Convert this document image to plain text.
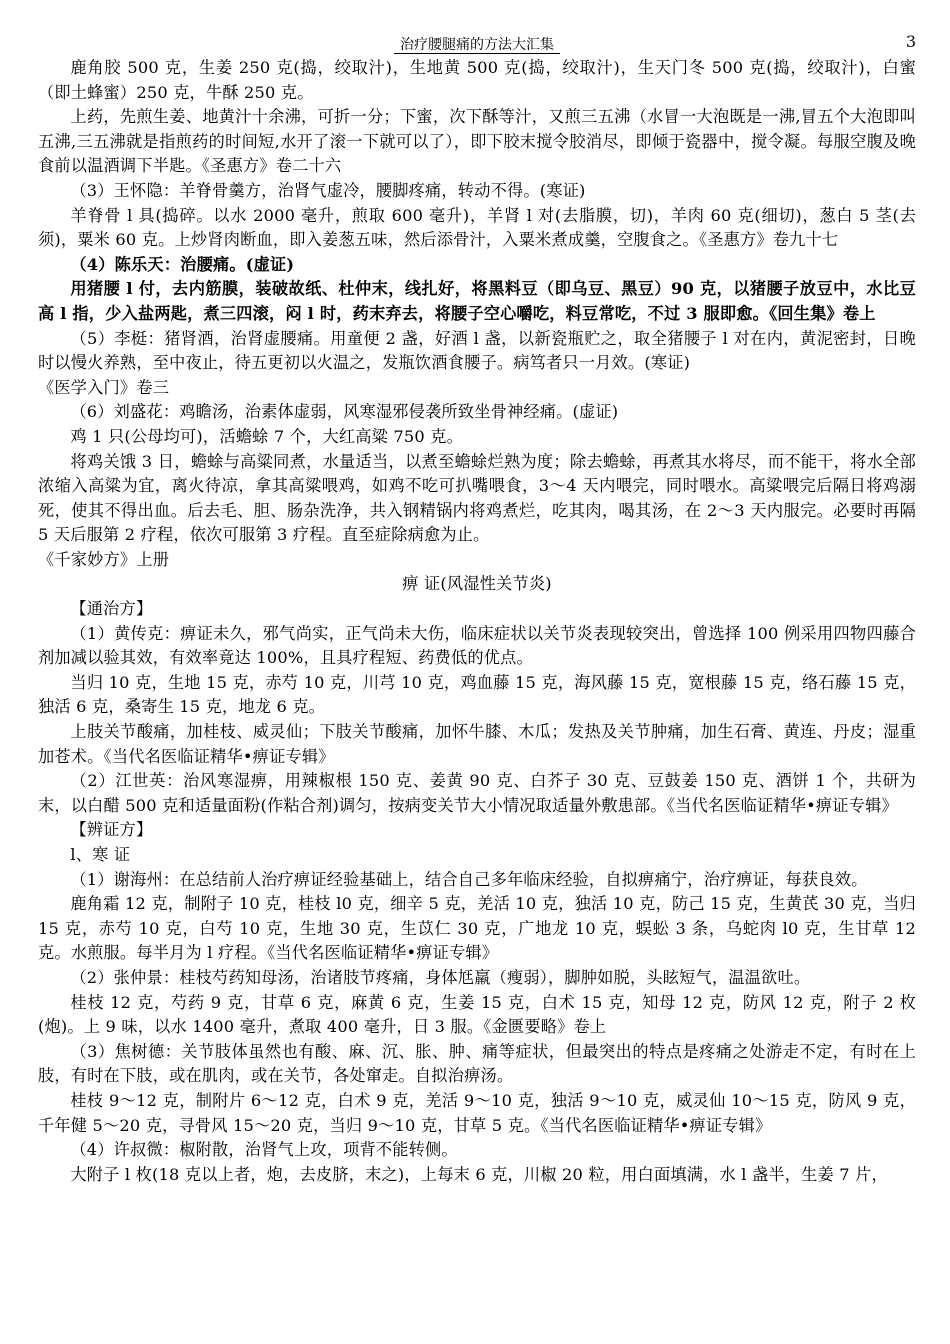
治疗腰腿痛的方法大汇集	3

鹿角胶 500 克，生姜 250 克(捣，绞取汁)，生地黄 500 克(捣，绞取汁)，生天门冬 500 克(捣，绞取汁)，白蜜（即土蜂蜜）250 克，牛酥 250 克。

上药，先煎生姜、地黄汁十余沸，可折一分；下蜜，次下酥等汁，又煎三五沸（水冒一大泡既是一沸,冒五个大泡即叫五沸,三五沸就是指煎药的时间短,水开了滚一下就可以了），即下胶末搅令胶消尽，即倾于瓷器中，搅令凝。每服空腹及晚食前以温酒调下半匙。《圣惠方》卷二十六

（3）王怀隐：羊脊骨羹方，治肾气虚冷，腰脚疼痛，转动不得。(寒证)

羊脊骨 l 具(捣碎。以水 2000 毫升，煎取 600 毫升)，羊肾 l 对(去脂膜，切)，羊肉 60 克(细切)，葱白 5 茎(去须)，粟米 60 克。上炒肾肉断血，即入姜葱五味，然后添骨汁，入粟米煮成羹，空腹食之。《圣惠方》卷九十七

（4）陈乐天：治腰痛。(虚证)

用猪腰 l 付，去内筋膜，装破故纸、杜仲末，线扎好，将黑料豆（即乌豆、黑豆）90 克，以猪腰子放豆中，水比豆高 l 指，少入盐两匙，煮三四滚，闷 l 时，药末弃去，将腰子空心嚼吃，料豆常吃，不过 3 服即愈。《回生集》卷上

（5）李梃：猪肾酒，治肾虚腰痛。用童便 2 盏，好酒 l 盏，以新瓷瓶贮之，取全猪腰子 l 对在内，黄泥密封，日晚时以慢火养熟，至中夜止，待五更初以火温之，发瓶饮酒食腰子。病笃者只一月效。(寒证)

《医学入门》卷三

（6）刘盛花：鸡瞻汤，治素体虚弱，风寒湿邪侵袭所致坐骨神经痛。(虚证)

鸡 1 只(公母均可)，活蟾蜍 7 个，大红高粱 750 克。

将鸡关饿 3 日，蟾蜍与高粱同煮，水量适当，以煮至蟾蜍烂熟为度；除去蟾蜍，再煮其水将尽，而不能干，将水全部浓缩入高粱为宜，离火待凉，拿其高粱喂鸡，如鸡不吃可扒嘴喂食，3～4 天内喂完，同时喂水。高粱喂完后隔日将鸡溺死，使其不得出血。后去毛、胆、肠杂洗净，共入钢精锅内将鸡煮烂，吃其肉，喝其汤，在 2～3 天内服完。必要时再隔 5 天后服第 2 疗程，依次可服第 3 疗程。直至症除病愈为止。

《千家妙方》上册

痹 证(风湿性关节炎)

【通治方】

（1）黄传克：痹证未久，邪气尚实，正气尚未大伤，临床症状以关节炎表现较突出，曾选择 100 例采用四物四藤合剂加减以验其效，有效率竟达 100%，且具疗程短、药费低的优点。

当归 10 克，生地 15 克，赤芍 10 克，川芎 10 克，鸡血藤 15 克，海风藤 15 克，宽根藤 15 克，络石藤 15 克，独活 6 克，桑寄生 15 克，地龙 6 克。

上肢关节酸痛，加桂枝、威灵仙；下肢关节酸痛，加怀牛膝、木瓜；发热及关节肿痛，加生石膏、黄连、丹皮；湿重加苍术。《当代名医临证精华•痹证专辑》

（2）江世英：治风寒湿痹，用辣椒根 150 克、姜黄 90 克、白芥子 30 克、豆鼓姜 150 克、酒饼 1 个，共研为末，以白醋 500 克和适量面粉(作粘合剂)调匀，按病变关节大小情况取适量外敷患部。《当代名医临证精华•痹证专辑》

【辨证方】

l、寒 证

（1）谢海州：在总结前人治疗痹证经验基础上，结合自己多年临床经验，自拟痹痛宁，治疗痹证，每获良效。

鹿角霜 12 克，制附子 10 克，桂枝 l0 克，细辛 5 克，羌活 10 克，独活 10 克，防己 15 克，生黄芪 30 克，当归 15 克，赤芍 10 克，白芍 10 克，生地 30 克，生苡仁 30 克，广地龙 10 克，蜈蚣 3 条，乌蛇肉 l0 克，生甘草 12 克。水煎服。每半月为 l 疗程。《当代名医临证精华•痹证专辑》

（2）张仲景：桂枝芍药知母汤，治诸肢节疼痛，身体尪羸（瘦弱），脚肿如脱，头眩短气，温温欲吐。

桂枝 12 克，芍药 9 克，甘草 6 克，麻黄 6 克，生姜 15 克，白术 15 克，知母 12 克，防风 12 克，附子 2 枚(炮)。上 9 味，以水 1400 毫升，煮取 400 毫升，日 3 服。《金匮要略》卷上

（3）焦树德：关节肢体虽然也有酸、麻、沉、胀、肿、痛等症状，但最突出的特点是疼痛之处游走不定，有时在上肢，有时在下肢，或在肌肉，或在关节，各处窜走。自拟治痹汤。

桂枝 9～12 克，制附片 6～12 克，白术 9 克，羌活 9～10 克，独活 9～10 克，威灵仙 10～15 克，防风 9 克，千年健 5～20 克，寻骨风 15～20 克，当归 9～10 克，甘草 5 克。《当代名医临证精华•痹证专辑》

（4）许叔微：椒附散，治肾气上攻，项背不能转侧。

大附子 l 枚(18 克以上者，炮，去皮脐，末之)，上每末 6 克，川椒 20 粒，用白面填满，水 l 盏半，生姜 7 片，
